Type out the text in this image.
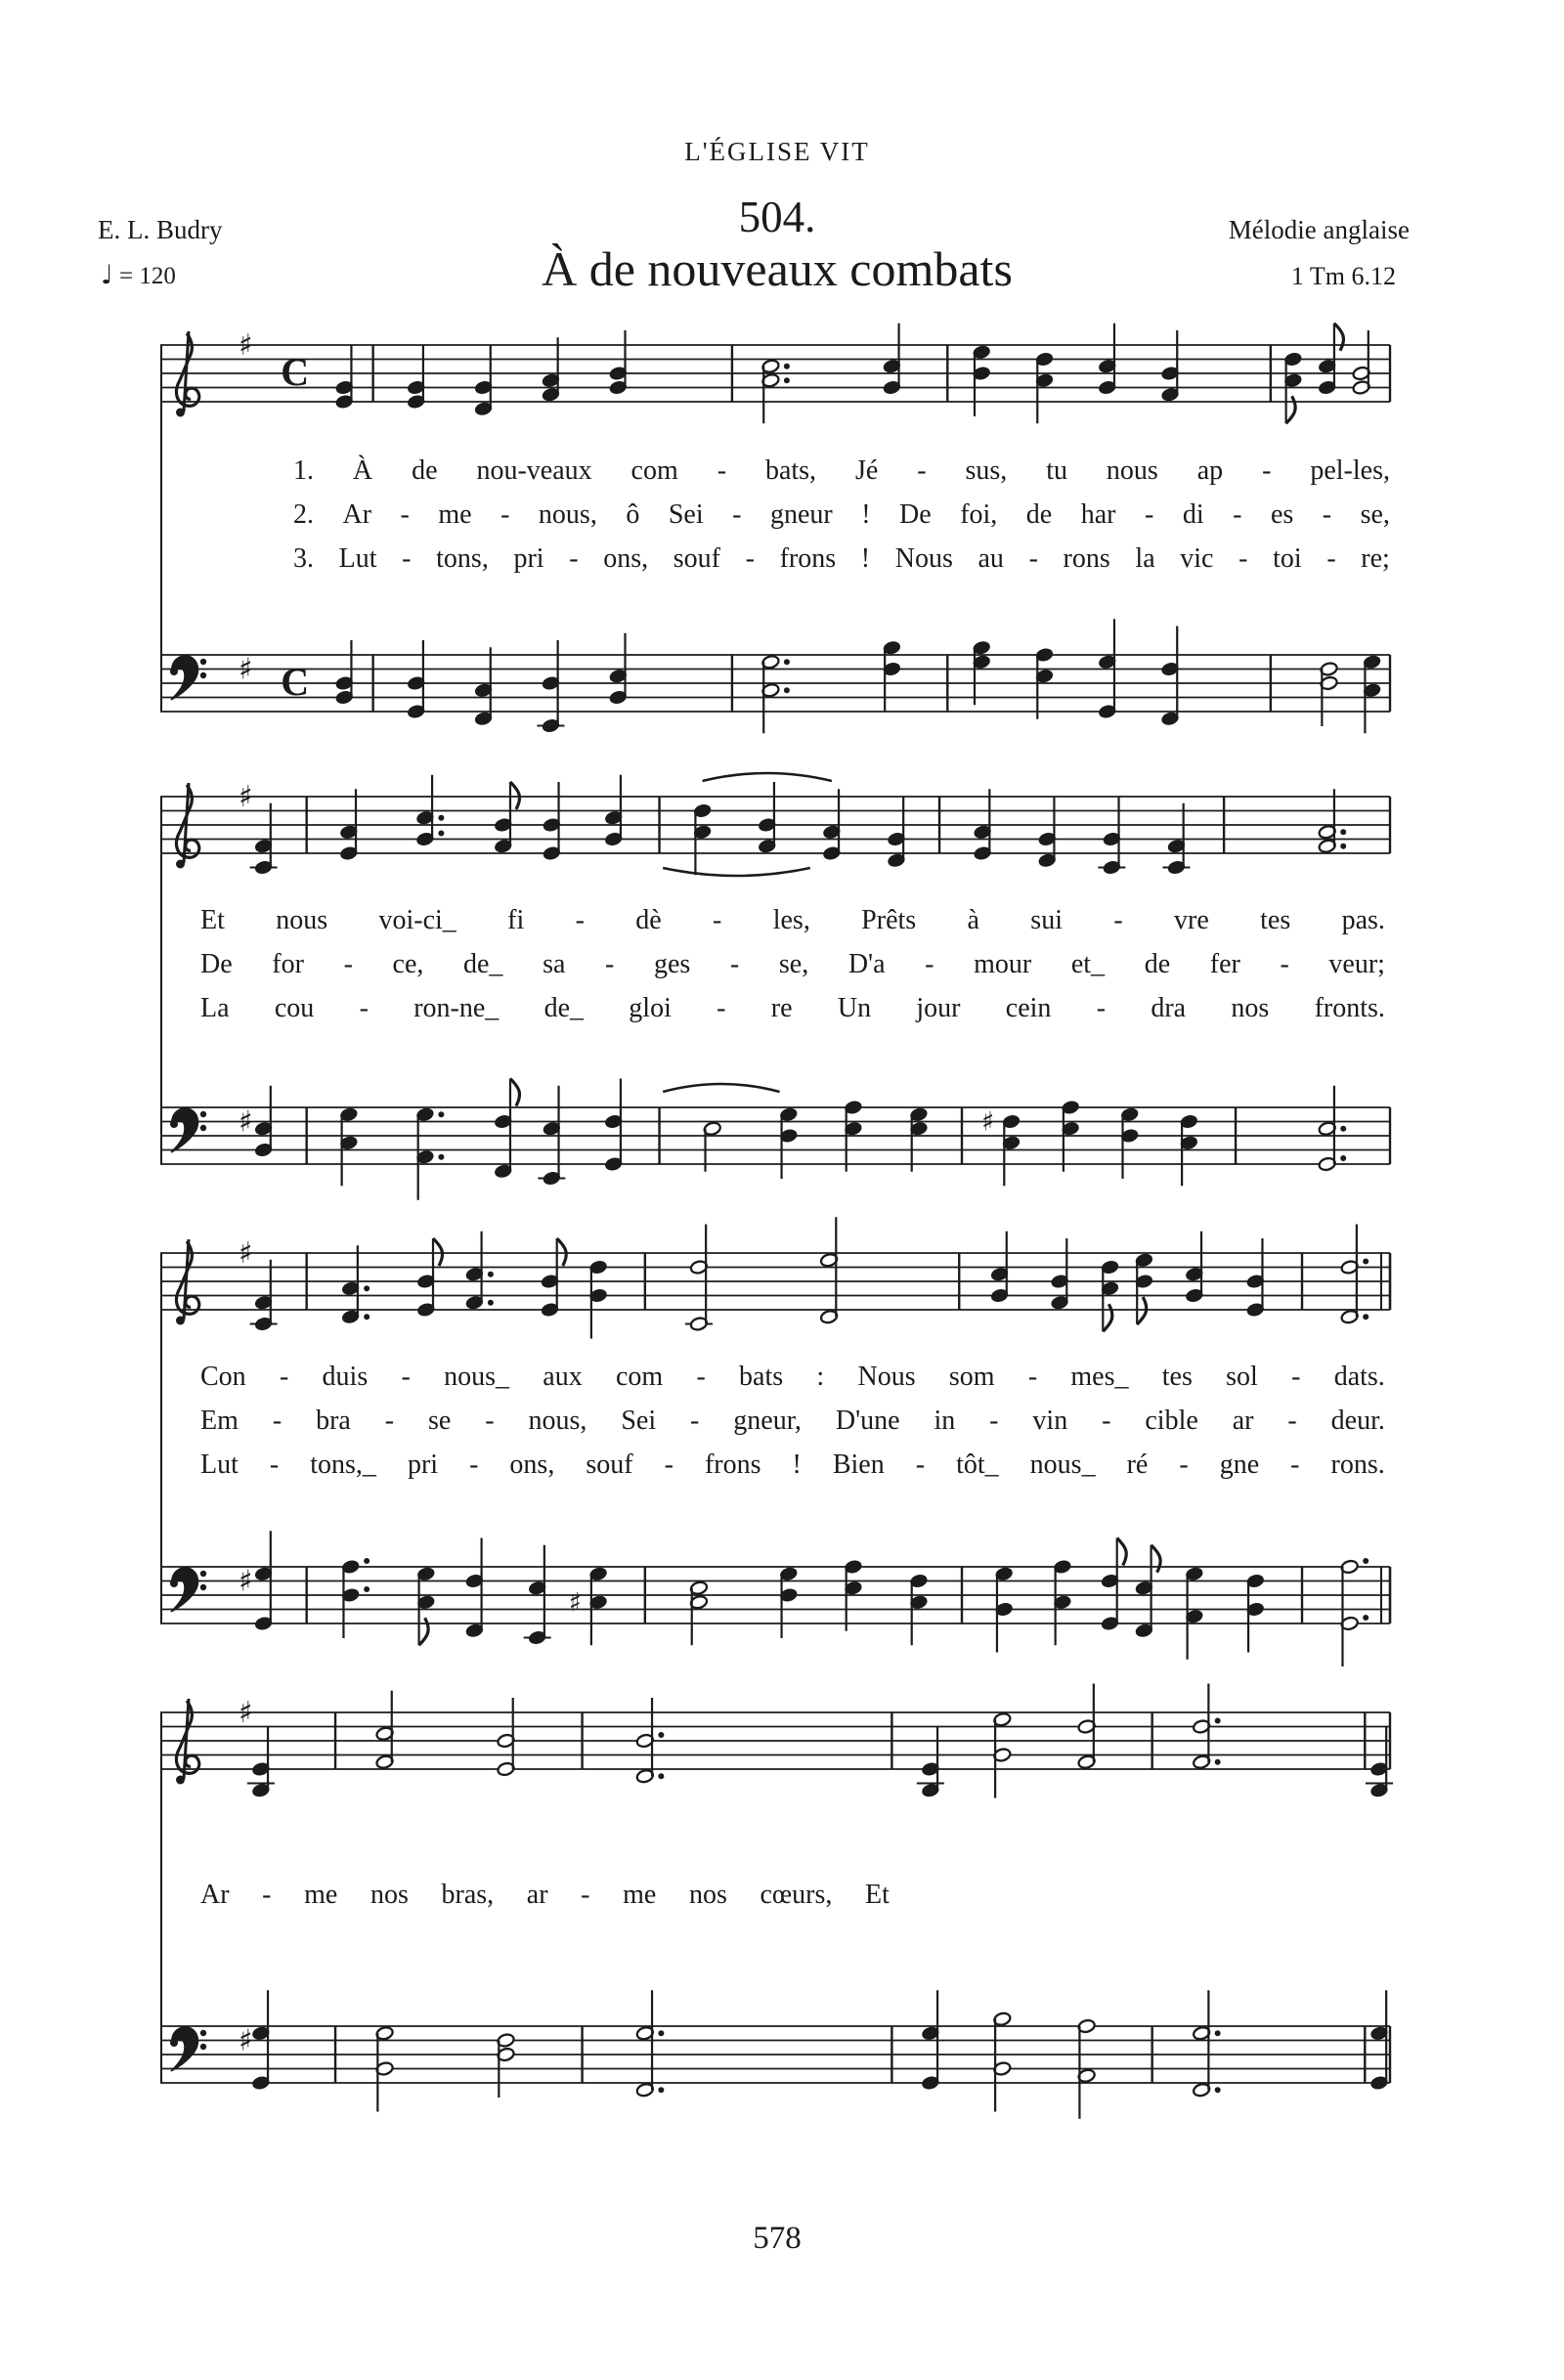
L'ÉGLISE VIT
504.
À de nouveaux combats
E. L. Budry
♩ = 120
Mélodie anglaise
1 Tm 6.12
♯
C
♯ C
♯
♯	♯
♯
♯
♯
♯
♯
1. À de nou-veaux com - bats, Jé - sus, tu nous ap - pel-les,
2. Ar - me - nous, ô Sei - gneur ! De foi, de har - di - es - se,
3. Lut - tons, pri - ons, souf - frons ! Nous au - rons la vic - toi - re;
Et nous voi-ci_ fi - dè - les, Prêts à sui - vre tes pas.
De for - ce, de_ sa - ges - se, D'a - mour et_ de fer - veur;
La cou - ron-ne_ de_ gloi - re Un jour cein - dra nos fronts.
Con - duis - nous_ aux com - bats : Nous som - mes_ tes sol - dats.
Em - bra - se - nous, Sei - gneur, D'une in - vin - cible ar - deur.
Lut - tons,_ pri - ons, souf - frons ! Bien - tôt_ nous_ ré - gne - rons.
Ar - me nos bras, ar - me nos cœurs, Et
578
